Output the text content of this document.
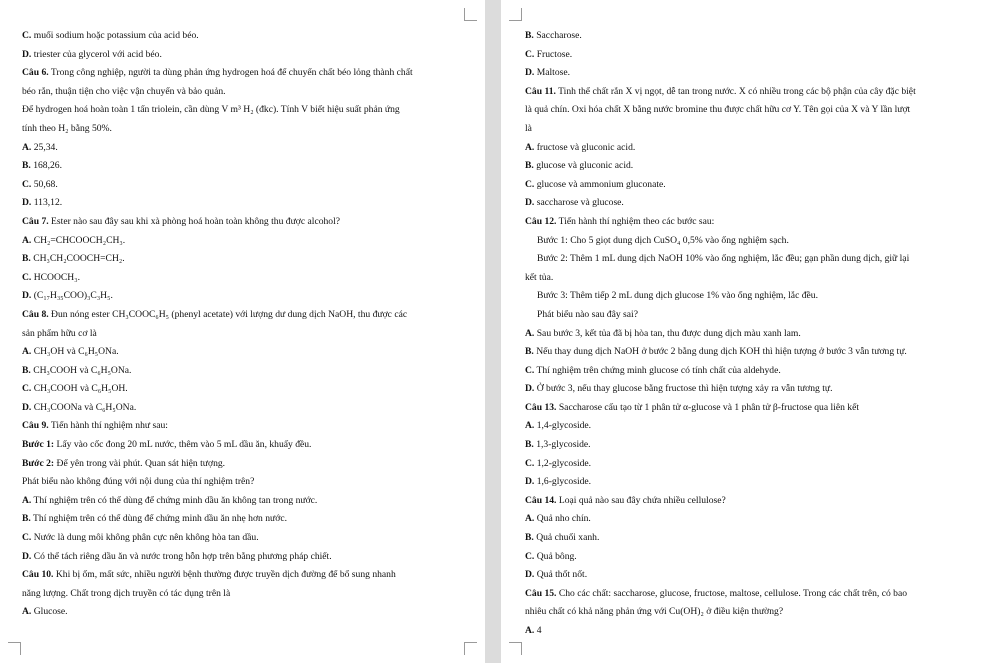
C. muối sodium hoặc potassium của acid béo.
D. triester của glycerol với acid béo.
Câu 6. Trong công nghiệp, người ta dùng phản ứng hydrogen hoá để chuyển chất béo lỏng thành chất
béo rắn, thuận tiện cho việc vận chuyển và bảo quản.
Để hydrogen hoá hoàn toàn 1 tấn triolein, cần dùng V m³ H₂ (đkc). Tính V biết hiệu suất phản ứng
tính theo H₂ bằng 50%.
A. 25,34.
B. 168,26.
C. 50,68.
D. 113,12.
Câu 7. Ester nào sau đây sau khi xà phòng hoá hoàn toàn không thu được alcohol?
A. CH₂=CHCOOCH₂CH₃.
B. CH₃CH₂COOCH=CH₂.
C. HCOOCH₃.
D. (C₁₇H₃₅COO)₃C₃H₅.
Câu 8. Đun nóng ester CH₃COOC₆H₅ (phenyl acetate) với lượng dư dung dịch NaOH, thu được các
sản phẩm hữu cơ là
A. CH₃OH và C₆H₅ONa.
B. CH₃COOH và C₆H₅ONa.
C. CH₃COOH và C₆H₅OH.
D. CH₃COONa và C₆H₅ONa.
Câu 9. Tiến hành thí nghiệm như sau:
Bước 1: Lấy vào cốc đong 20 mL nước, thêm vào 5 mL dầu ăn, khuấy đều.
Bước 2: Để yên trong vài phút. Quan sát hiện tượng.
Phát biểu nào không đúng với nội dung của thí nghiệm trên?
A. Thí nghiệm trên có thể dùng để chứng minh dầu ăn không tan trong nước.
B. Thí nghiệm trên có thể dùng để chứng minh dầu ăn nhẹ hơn nước.
C. Nước là dung môi không phân cực nên không hòa tan dầu.
D. Có thể tách riêng dầu ăn và nước trong hỗn hợp trên bằng phương pháp chiết.
Câu 10. Khi bị ốm, mất sức, nhiều người bệnh thường được truyền dịch đường để bổ sung nhanh
năng lượng. Chất trong dịch truyền có tác dụng trên là
A. Glucose.
B. Saccharose.
C. Fructose.
D. Maltose.
Câu 11. Tinh thể chất rắn X vị ngọt, dễ tan trong nước. X có nhiều trong các bộ phận của cây đặc biệt
là quả chín. Oxi hóa chất X bằng nước bromine thu được chất hữu cơ Y. Tên gọi của X và Y lần lượt
là
A. fructose và gluconic acid.
B. glucose và gluconic acid.
C. glucose và ammonium gluconate.
D. saccharose và glucose.
Câu 12. Tiến hành thí nghiệm theo các bước sau:
Bước 1: Cho 5 giọt dung dịch CuSO₄ 0,5% vào ống nghiệm sạch.
Bước 2: Thêm 1 mL dung dịch NaOH 10% vào ống nghiệm, lắc đều; gạn phần dung dịch, giữ lại
kết tủa.
Bước 3: Thêm tiếp 2 mL dung dịch glucose 1% vào ống nghiệm, lắc đều.
Phát biểu nào sau đây sai?
A. Sau bước 3, kết tủa đã bị hòa tan, thu được dung dịch màu xanh lam.
B. Nếu thay dung dịch NaOH ở bước 2 bằng dung dịch KOH thì hiện tượng ở bước 3 vẫn tương tự.
C. Thí nghiệm trên chứng minh glucose có tính chất của aldehyde.
D. Ở bước 3, nếu thay glucose bằng fructose thì hiện tượng xảy ra vẫn tương tự.
Câu 13. Saccharose cấu tạo từ 1 phân tử α-glucose và 1 phân tử β-fructose qua liên kết
A. 1,4-glycoside.
B. 1,3-glycoside.
C. 1,2-glycoside.
D. 1,6-glycoside.
Câu 14. Loại quả nào sau đây chứa nhiều cellulose?
A. Quả nho chín.
B. Quả chuối xanh.
C. Quả bông.
D. Quả thốt nốt.
Câu 15. Cho các chất: saccharose, glucose, fructose, maltose, cellulose. Trong các chất trên, có bao
nhiêu chất có khả năng phản ứng với Cu(OH)₂ ở điều kiện thường?
A. 4
